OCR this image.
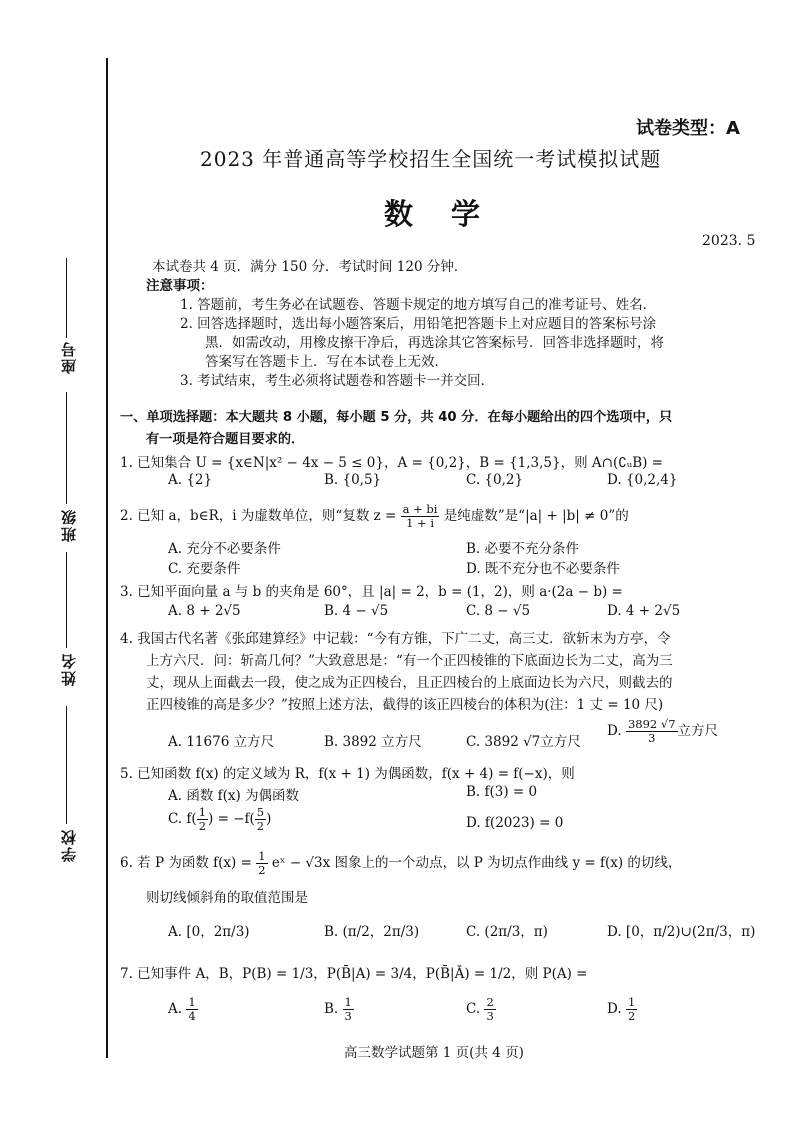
座号
班级
姓名
学校
试卷类型：A
2023 年普通高等学校招生全国统一考试模拟试题
数学
2023. 5
本试卷共 4 页．满分 150 分．考试时间 120 分钟．
注意事项：
1. 答题前，考生务必在试题卷、答题卡规定的地方填写自己的准考证号、姓名．
2. 回答选择题时，选出每小题答案后，用铅笔把答题卡上对应题目的答案标号涂
黑．如需改动，用橡皮擦干净后，再选涂其它答案标号．回答非选择题时，将
答案写在答题卡上．写在本试卷上无效．
3. 考试结束，考生必须将试题卷和答题卡一并交回．
一、单项选择题：本大题共 8 小题，每小题 5 分，共 40 分．在每小题给出的四个选项中，只
有一项是符合题目要求的．
1. 已知集合 U = {x∈N|x² − 4x − 5 ≤ 0}，A = {0,2}，B = {1,3,5}，则 A∩(∁ᵤB) =
A. {2}	B. {0,5}	C. {0,2}	D. {0,2,4}
2. 已知 a，b∈R，i 为虚数单位，则“复数 $z = \frac{a + bi}{1 + i}$ 是纯虚数”是“|a| + |b| ≠ 0”的
A. 充分不必要条件	B. 必要不充分条件
C. 充要条件	D. 既不充分也不必要条件
3. 已知平面向量 a 与 b 的夹角是 60°，且 |a| = 2，b = (1，2)，则 a·(2a − b) =
A. 8 + 2√5	B. 4 − √5	C. 8 − √5	D. 4 + 2√5
4. 我国古代名著《张邱建算经》中记载：“今有方锥，下广二丈，高三丈．欲斩末为方亭，令
上方六尺．问：斩高几何？”大致意思是：“有一个正四棱锥的下底面边长为二丈，高为三
丈，现从上面截去一段，使之成为正四棱台，且正四棱台的上底面边长为六尺，则截去的
正四棱锥的高是多少？”按照上述方法，截得的该正四棱台的体积为(注：1 丈 = 10 尺)
A. 11676 立方尺	B. 3892 立方尺	C. 3892 √7立方尺
D. $\frac{3892 √7}{3}$ 立方尺
5. 已知函数 f(x) 的定义域为 R，f(x + 1) 为偶函数，f(x + 4) = f(−x)，则
A. 函数 f(x) 为偶函数	B. f(3) = 0
C. $f( \frac{1}{2}$ ) = $-f( \frac{5}{2}$ )	D. f(2023) = 0
6. 若 P 为函数 $f(x) = \frac{1}{2}$ eˣ − √3x 图象上的一个动点，以 P 为切点作曲线 y = f(x) 的切线，
则切线倾斜角的取值范围是
A. [0，2π/3)	B. (π/2，2π/3)	C. (2π/3，π)	D. [0，π/2)∪(2π/3，π)
7. 已知事件 A，B，P(B) = 1/3，P(B̄|A) = 3/4，P(B̄|Ā) = 1/2，则 P(A) =
A. $\frac{1}{4}$	B. $\frac{1}{3}$	C. $\frac{2}{3}$	D. $\frac{1}{2}$
高三数学试题第 1 页(共 4 页)
